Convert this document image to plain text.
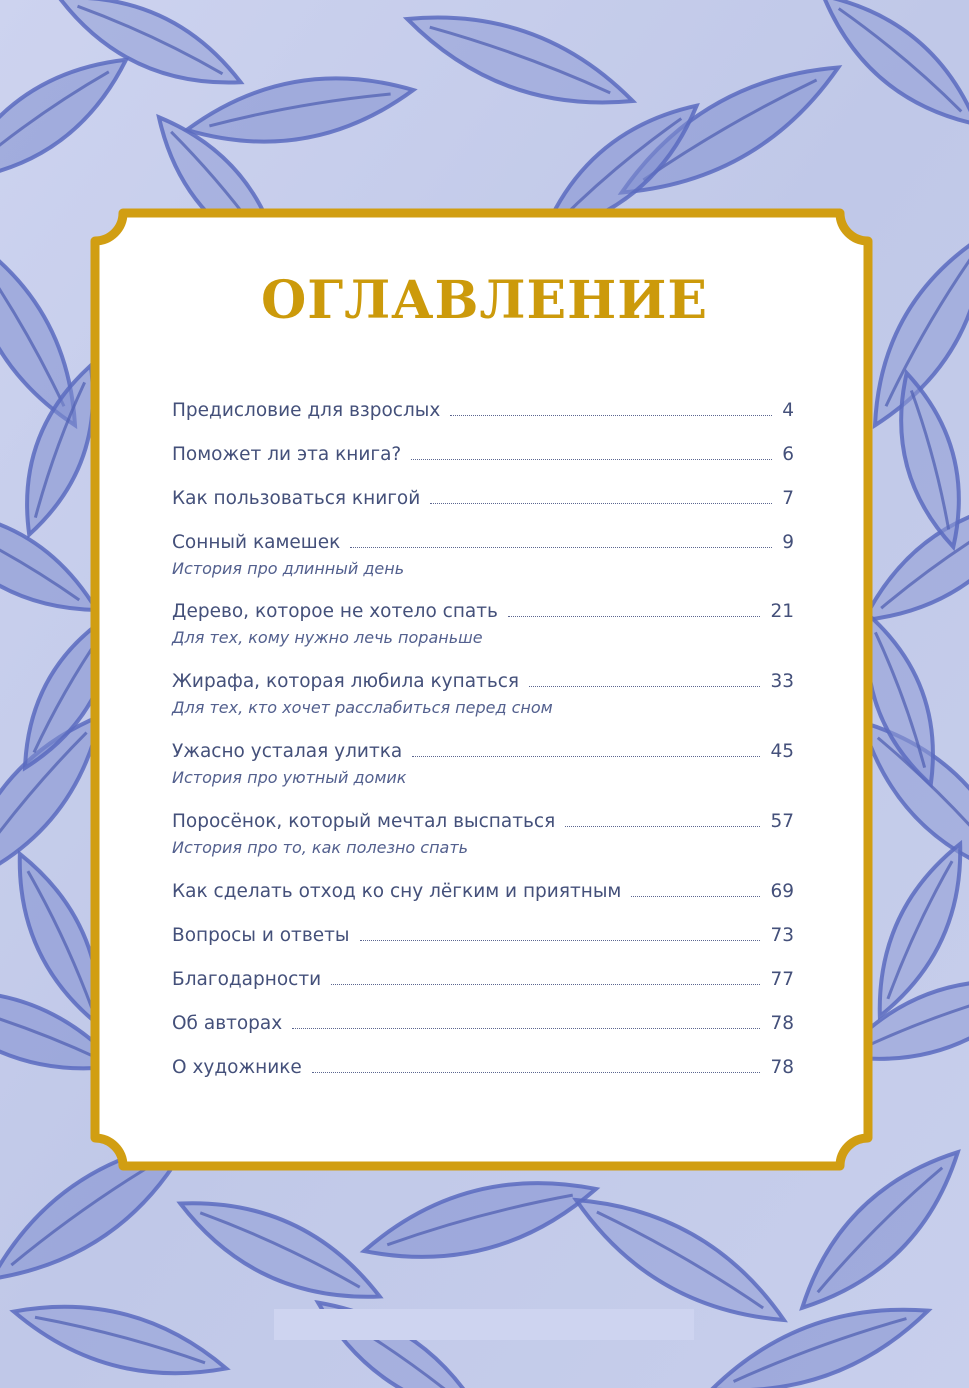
ОГЛАВЛЕНИЕ
Предисловие для взрослых	4
Поможет ли эта книга?	6
Как пользоваться книгой	7
Сонный камешек	9
История про длинный день
Дерево, которое не хотело спать	21
Для тех, кому нужно лечь пораньше
Жирафа, которая любила купаться	33
Для тех, кто хочет расслабиться перед сном
Ужасно усталая улитка	45
История про уютный домик
Поросёнок, который мечтал выспаться	57
История про то, как полезно спать
Как сделать отход ко сну лёгким и приятным	69
Вопросы и ответы	73
Благодарности	77
Об авторах	78
О художнике	78
